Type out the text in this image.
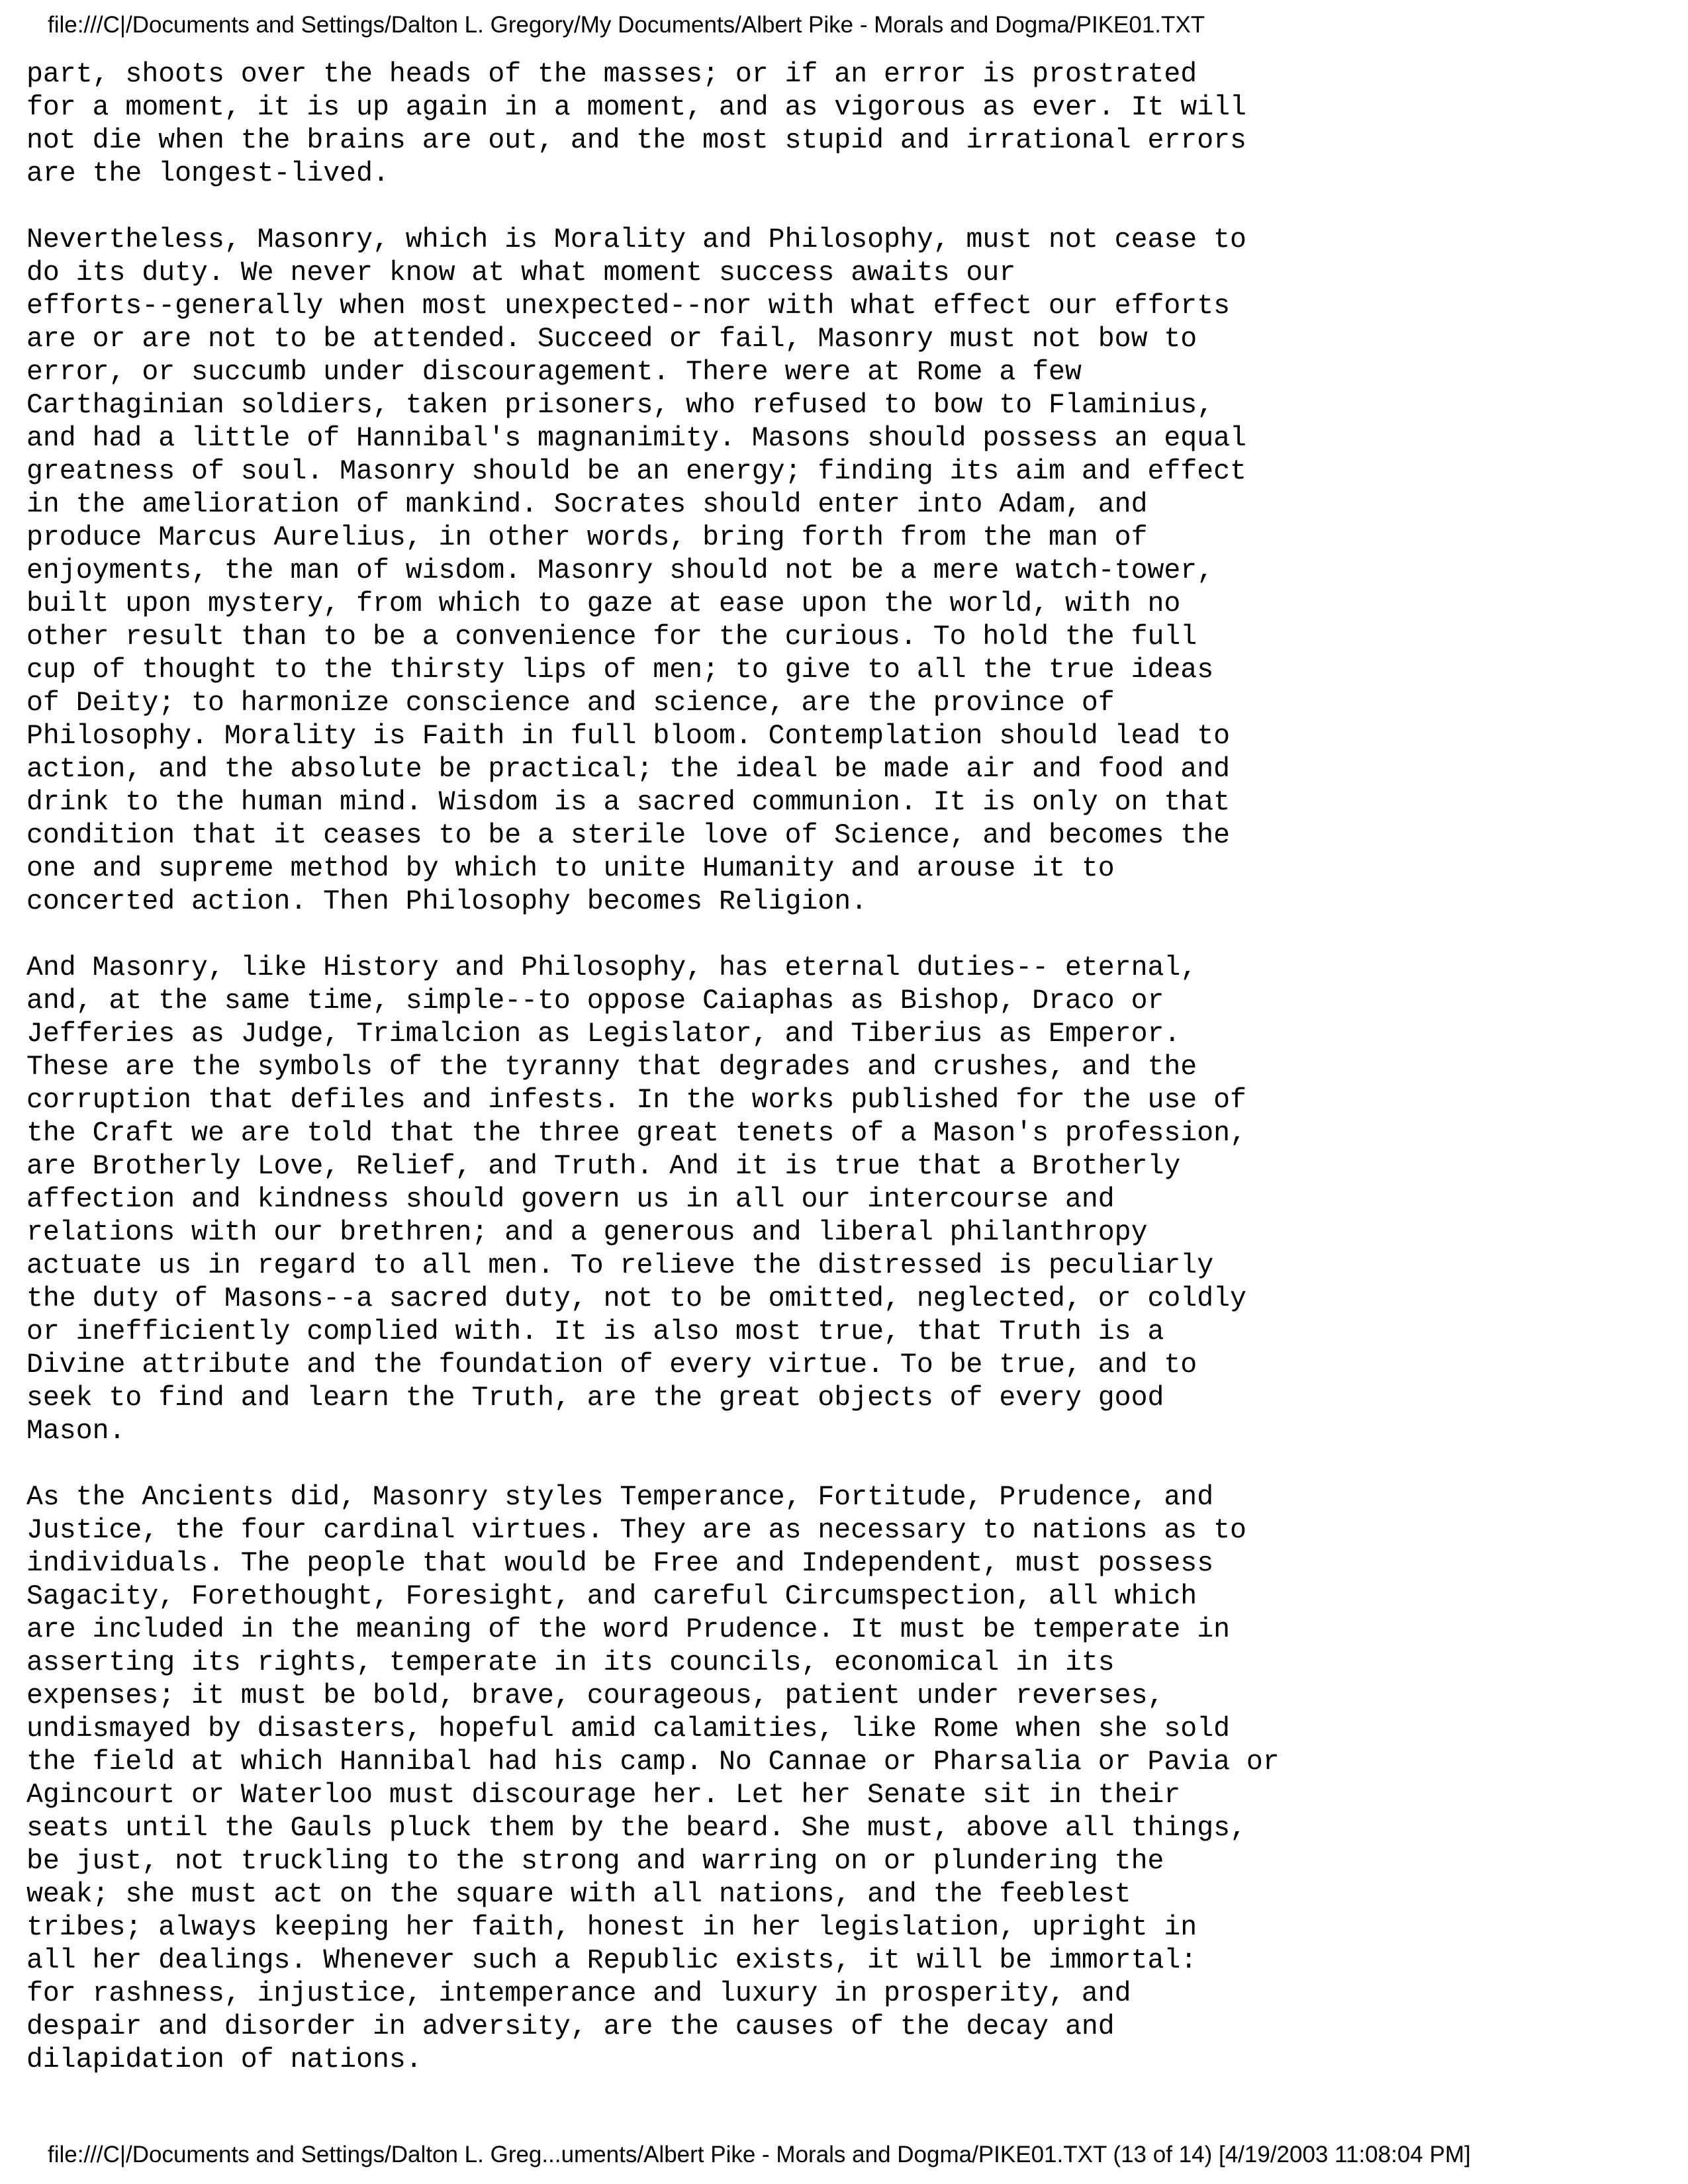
file:///C|/Documents and Settings/Dalton L. Gregory/My Documents/Albert Pike - Morals and Dogma/PIKE01.TXT
part, shoots over the heads of the masses; or if an error is prostrated
for a moment, it is up again in a moment, and as vigorous as ever. It will
not die when the brains are out, and the most stupid and irrational errors
are the longest-lived.
Nevertheless, Masonry, which is Morality and Philosophy, must not cease to
do its duty. We never know at what moment success awaits our
efforts--generally when most unexpected--nor with what effect our efforts
are or are not to be attended. Succeed or fail, Masonry must not bow to
error, or succumb under discouragement. There were at Rome a few
Carthaginian soldiers, taken prisoners, who refused to bow to Flaminius,
and had a little of Hannibal's magnanimity. Masons should possess an equal
greatness of soul. Masonry should be an energy; finding its aim and effect
in the amelioration of mankind. Socrates should enter into Adam, and
produce Marcus Aurelius, in other words, bring forth from the man of
enjoyments, the man of wisdom. Masonry should not be a mere watch-tower,
built upon mystery, from which to gaze at ease upon the world, with no
other result than to be a convenience for the curious. To hold the full
cup of thought to the thirsty lips of men; to give to all the true ideas
of Deity; to harmonize conscience and science, are the province of
Philosophy. Morality is Faith in full bloom. Contemplation should lead to
action, and the absolute be practical; the ideal be made air and food and
drink to the human mind. Wisdom is a sacred communion. It is only on that
condition that it ceases to be a sterile love of Science, and becomes the
one and supreme method by which to unite Humanity and arouse it to
concerted action. Then Philosophy becomes Religion.
And Masonry, like History and Philosophy, has eternal duties-- eternal,
and, at the same time, simple--to oppose Caiaphas as Bishop, Draco or
Jefferies as Judge, Trimalcion as Legislator, and Tiberius as Emperor.
These are the symbols of the tyranny that degrades and crushes, and the
corruption that defiles and infests. In the works published for the use of
the Craft we are told that the three great tenets of a Mason's profession,
are Brotherly Love, Relief, and Truth. And it is true that a Brotherly
affection and kindness should govern us in all our intercourse and
relations with our brethren; and a generous and liberal philanthropy
actuate us in regard to all men. To relieve the distressed is peculiarly
the duty of Masons--a sacred duty, not to be omitted, neglected, or coldly
or inefficiently complied with. It is also most true, that Truth is a
Divine attribute and the foundation of every virtue. To be true, and to
seek to find and learn the Truth, are the great objects of every good
Mason.
As the Ancients did, Masonry styles Temperance, Fortitude, Prudence, and
Justice, the four cardinal virtues. They are as necessary to nations as to
individuals. The people that would be Free and Independent, must possess
Sagacity, Forethought, Foresight, and careful Circumspection, all which
are included in the meaning of the word Prudence. It must be temperate in
asserting its rights, temperate in its councils, economical in its
expenses; it must be bold, brave, courageous, patient under reverses,
undismayed by disasters, hopeful amid calamities, like Rome when she sold
the field at which Hannibal had his camp. No Cannae or Pharsalia or Pavia or
Agincourt or Waterloo must discourage her. Let her Senate sit in their
seats until the Gauls pluck them by the beard. She must, above all things,
be just, not truckling to the strong and warring on or plundering the
weak; she must act on the square with all nations, and the feeblest
tribes; always keeping her faith, honest in her legislation, upright in
all her dealings. Whenever such a Republic exists, it will be immortal:
for rashness, injustice, intemperance and luxury in prosperity, and
despair and disorder in adversity, are the causes of the decay and
dilapidation of nations.
file:///C|/Documents and Settings/Dalton L. Greg...uments/Albert Pike - Morals and Dogma/PIKE01.TXT (13 of 14) [4/19/2003 11:08:04 PM]
